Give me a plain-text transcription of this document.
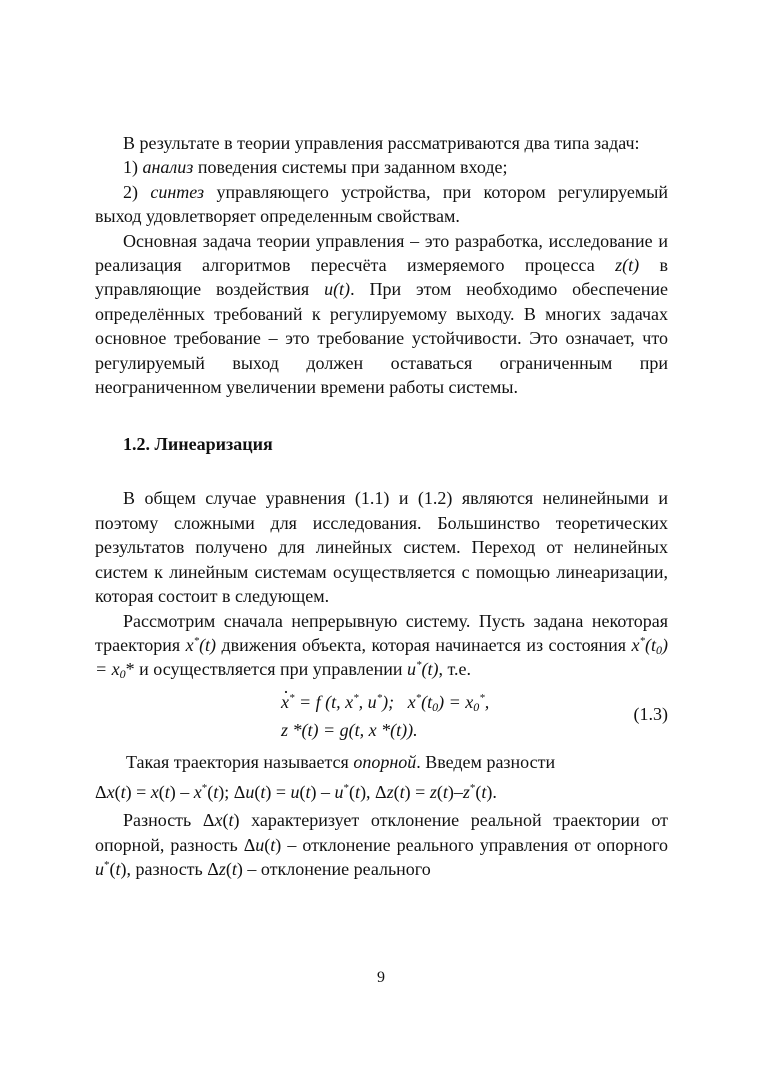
В результате в теории управления рассматриваются два типа задач:

1) анализ поведения системы при заданном входе;

2) синтез управляющего устройства, при котором регулируемый выход удовлетворяет определенным свойствам.

Основная задача теории управления – это разработка, исследование и реализация алгоритмов пересчёта измеряемого процесса z(t) в управляющие воздействия u(t). При этом необходимо обеспечение определённых требований к регулируемому выходу. В многих задачах основное требование – это требование устойчивости. Это означает, что регулируемый выход должен оставаться ограниченным при неограниченном увеличении времени работы системы.

1.2. Линеаризация

В общем случае уравнения (1.1) и (1.2) являются нелинейными и поэтому сложными для исследования. Большинство теоретических результатов получено для линейных систем. Переход от нелинейных систем к линейным системам осуществляется с помощью линеаризации, которая состоит в следующем.

Рассмотрим сначала непрерывную систему. Пусть задана некоторая траектория x*(t) движения объекта, которая начинается из состояния $x^*(t_0) = x_0*$ и осуществляется при управлении u*(t), т.е.

· x* = f (t, x*, u*);   $x^*(t_0) = x_0^*$,
z *(t) = g(t, x *(t)).
(1.3)

Такая траектория называется опорной. Введем разности

Δx(t) = x(t) – x*(t); Δu(t) = u(t) – u*(t), Δz(t) = z(t)–z*(t).

Разность Δx(t) характеризует отклонение реальной траектории от опорной, разность Δu(t) – отклонение реального управления от опорного u*(t), разность Δz(t) – отклонение реального

9
